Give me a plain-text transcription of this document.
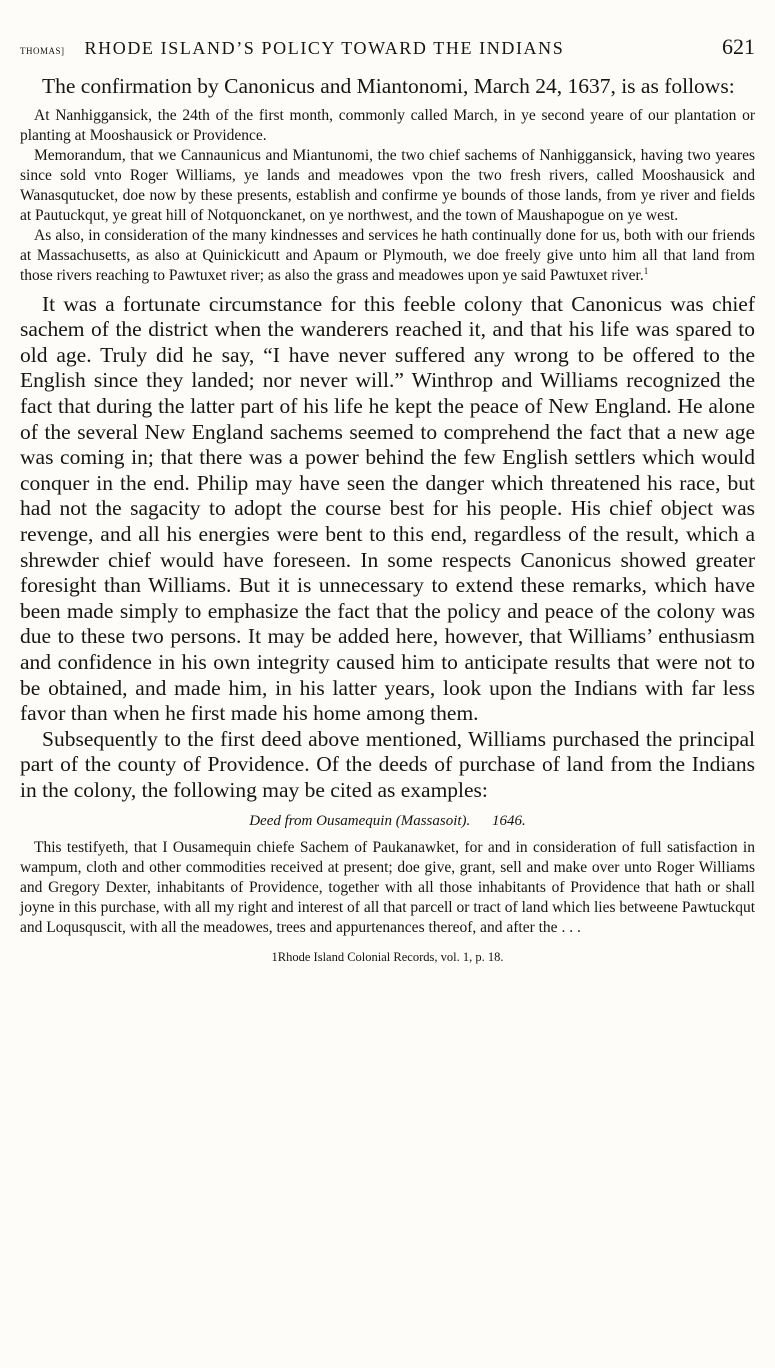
THOMAS] RHODE ISLAND’S POLICY TOWARD THE INDIANS	621

The confirmation by Canonicus and Miantonomi, March 24, 1637, is as follows:

At Nanhiggansick, the 24th of the first month, commonly called March, in ye second yeare of our plantation or planting at Mooshausick or Providence.

Memorandum, that we Cannaunicus and Miantunomi, the two chief sachems of Nanhiggansick, having two yeares since sold vnto Roger Williams, ye lands and meadowes vpon the two fresh rivers, called Mooshausick and Wanasqutucket, doe now by these presents, establish and confirme ye bounds of those lands, from ye river and fields at Pautuckqut, ye great hill of Notquonckanet, on ye northwest, and the town of Maushapogue on ye west.

As also, in consideration of the many kindnesses and services he hath continually done for us, both with our friends at Massachusetts, as also at Quinickicutt and Apaum or Plymouth, we doe freely give unto him all that land from those rivers reaching to Pawtuxet river; as also the grass and meadowes upon ye said Pawtuxet river.$^1$

It was a fortunate circumstance for this feeble colony that Canonicus was chief sachem of the district when the wanderers reached it, and that his life was spared to old age. Truly did he say, “I have never suffered any wrong to be offered to the English since they landed; nor never will.” Winthrop and Williams recognized the fact that during the latter part of his life he kept the peace of New England. He alone of the several New England sachems seemed to comprehend the fact that a new age was coming in; that there was a power behind the few English settlers which would conquer in the end. Philip may have seen the danger which threatened his race, but had not the sagacity to adopt the course best for his people. His chief object was revenge, and all his energies were bent to this end, regardless of the result, which a shrewder chief would have foreseen. In some respects Canonicus showed greater foresight than Williams. But it is unnecessary to extend these remarks, which have been made simply to emphasize the fact that the policy and peace of the colony was due to these two persons. It may be added here, however, that Williams’ enthusiasm and confidence in his own integrity caused him to anticipate results that were not to be obtained, and made him, in his latter years, look upon the Indians with far less favor than when he first made his home among them.

Subsequently to the first deed above mentioned, Williams purchased the principal part of the county of Providence. Of the deeds of purchase of land from the Indians in the colony, the following may be cited as examples:

Deed from Ousamequin (Massasoit). 1646.

This testifyeth, that I Ousamequin chiefe Sachem of Paukanawket, for and in consideration of full satisfaction in wampum, cloth and other commodities received at present; doe give, grant, sell and make over unto Roger Williams and Gregory Dexter, inhabitants of Providence, together with all those inhabitants of Providence that hath or shall joyne in this purchase, with all my right and interest of all that parcell or tract of land which lies betweene Pawtuckqut and Loqusquscit, with all the meadowes, trees and appurtenances thereof, and after the . . .

1Rhode Island Colonial Records, vol. 1, p. 18.
